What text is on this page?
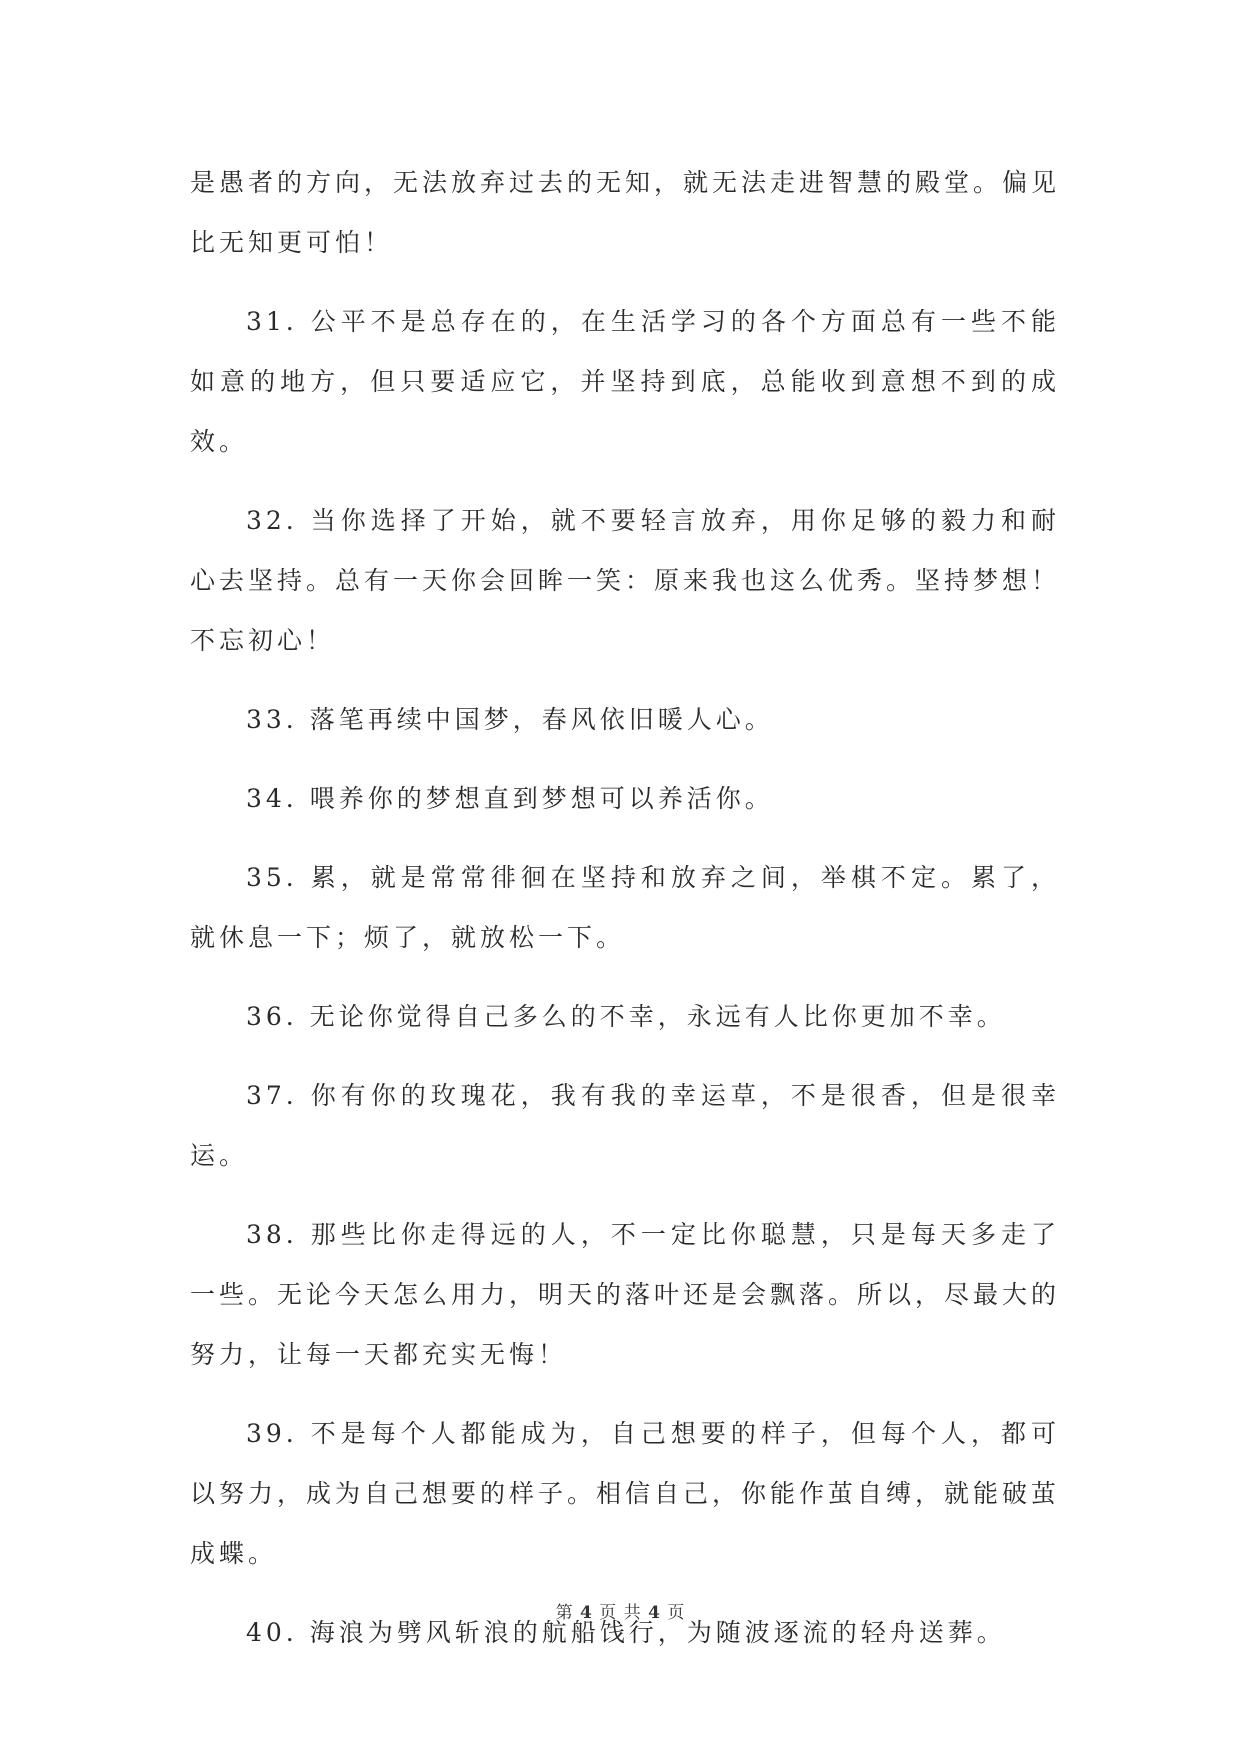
是愚者的方向，无法放弃过去的无知，就无法走进智慧的殿堂。偏见比无知更可怕！

31. 公平不是总存在的，在生活学习的各个方面总有一些不能如意的地方，但只要适应它，并坚持到底，总能收到意想不到的成效。

32. 当你选择了开始，就不要轻言放弃，用你足够的毅力和耐心去坚持。总有一天你会回眸一笑：原来我也这么优秀。坚持梦想！不忘初心！

33. 落笔再续中国梦，春风依旧暖人心。

34. 喂养你的梦想直到梦想可以养活你。

35. 累，就是常常徘徊在坚持和放弃之间，举棋不定。累了，就休息一下；烦了，就放松一下。

36. 无论你觉得自己多么的不幸，永远有人比你更加不幸。

37. 你有你的玫瑰花，我有我的幸运草，不是很香，但是很幸运。

38. 那些比你走得远的人，不一定比你聪慧，只是每天多走了一些。无论今天怎么用力，明天的落叶还是会飘落。所以，尽最大的努力，让每一天都充实无悔！

39. 不是每个人都能成为，自己想要的样子，但每个人，都可以努力，成为自己想要的样子。相信自己，你能作茧自缚，就能破茧成蝶。

40. 海浪为劈风斩浪的航船饯行，为随波逐流的轻舟送葬。

第 4 页 共 4 页
